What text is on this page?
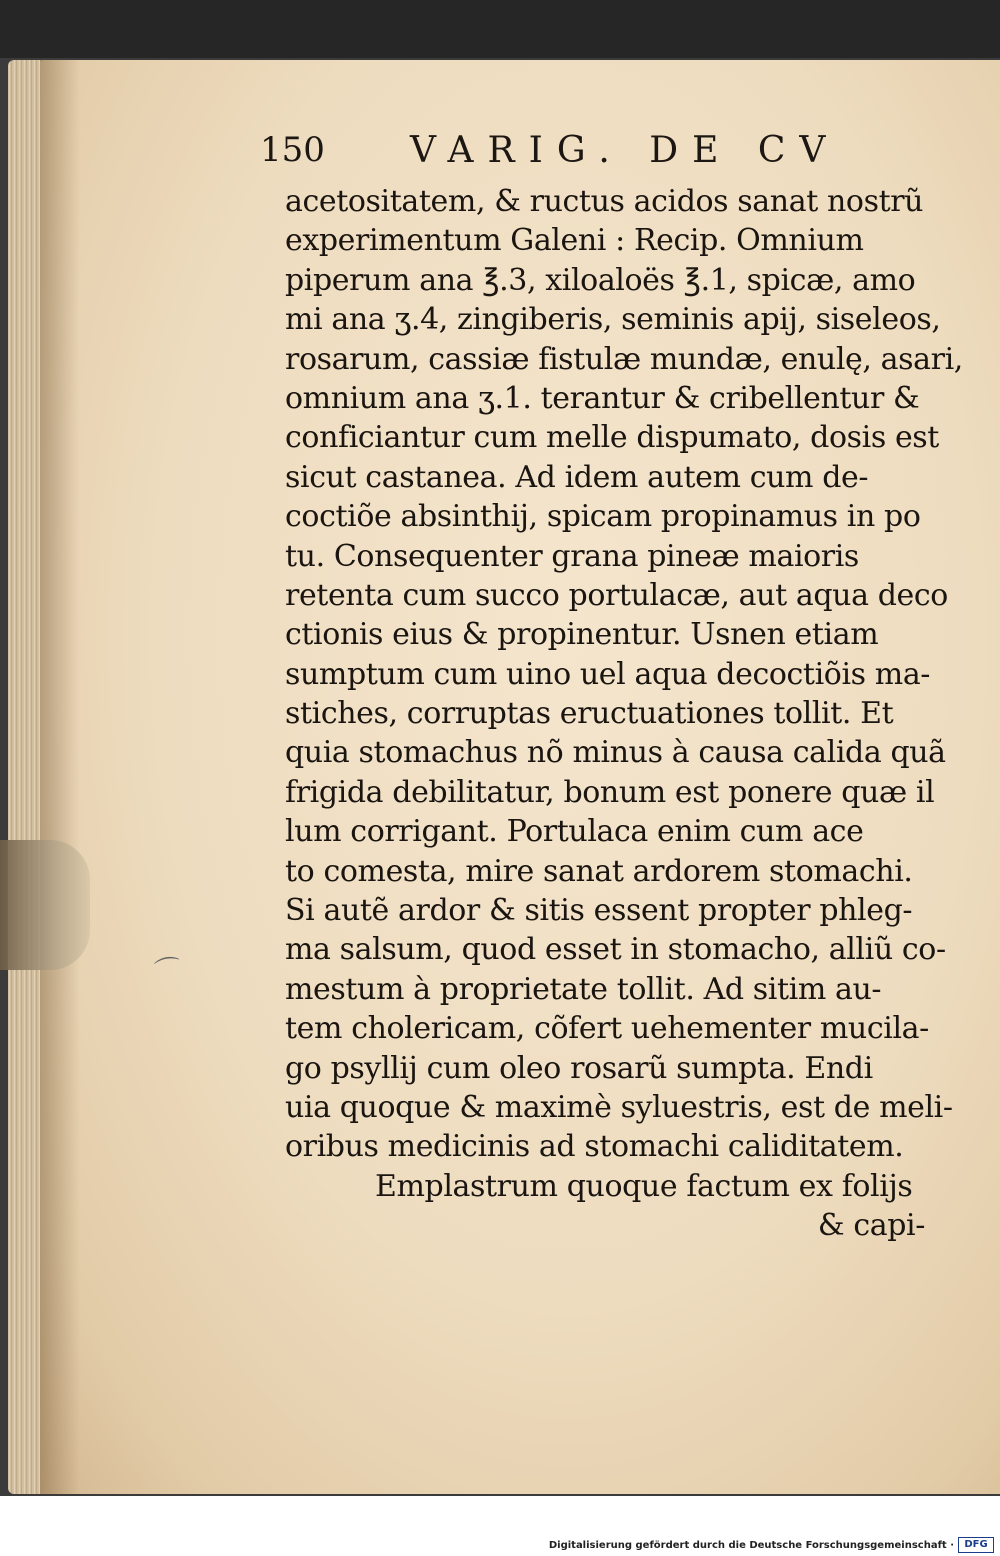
⌒
150 VARIG. DE CV
acetositatem, & ructus acidos sanat nostrũ
experimentum Galeni : Recip. Omnium
piperum ana ℥.3, xiloaloës ℥.1, spicæ, amo
mi ana ʒ.4, zingiberis, seminis apij, siseleos,
rosarum, cassiæ fistulæ mundæ, enulę, asari,
omnium ana ʒ.1. terantur & cribellentur &
conficiantur cum melle dispumato, dosis est
sicut castanea. Ad idem autem cum de-
coctiõe absinthij, spicam propinamus in po
tu. Consequenter grana pineæ maioris
retenta cum succo portulacæ, aut aqua deco
ctionis eius & propinentur. Usnen etiam
sumptum cum uino uel aqua decoctiõis ma-
stiches, corruptas eructuationes tollit. Et
quia stomachus nõ minus à causa calida quã
frigida debilitatur, bonum est ponere quæ il
lum corrigant. Portulaca enim cum ace
to comesta, mire sanat ardorem stomachi.
Si autẽ ardor & sitis essent propter phleg-
ma salsum, quod esset in stomacho, alliũ co-
mestum à proprietate tollit. Ad sitim au-
tem cholericam, cõfert uehementer mucila-
go psyllij cum oleo rosarũ sumpta. Endi
uia quoque & maximè syluestris, est de meli-
oribus medicinis ad stomachi caliditatem.
Emplastrum quoque factum ex folijs
& capi-
Digitalisierung gefördert durch die Deutsche Forschungsgemeinschaft ·	DFG
